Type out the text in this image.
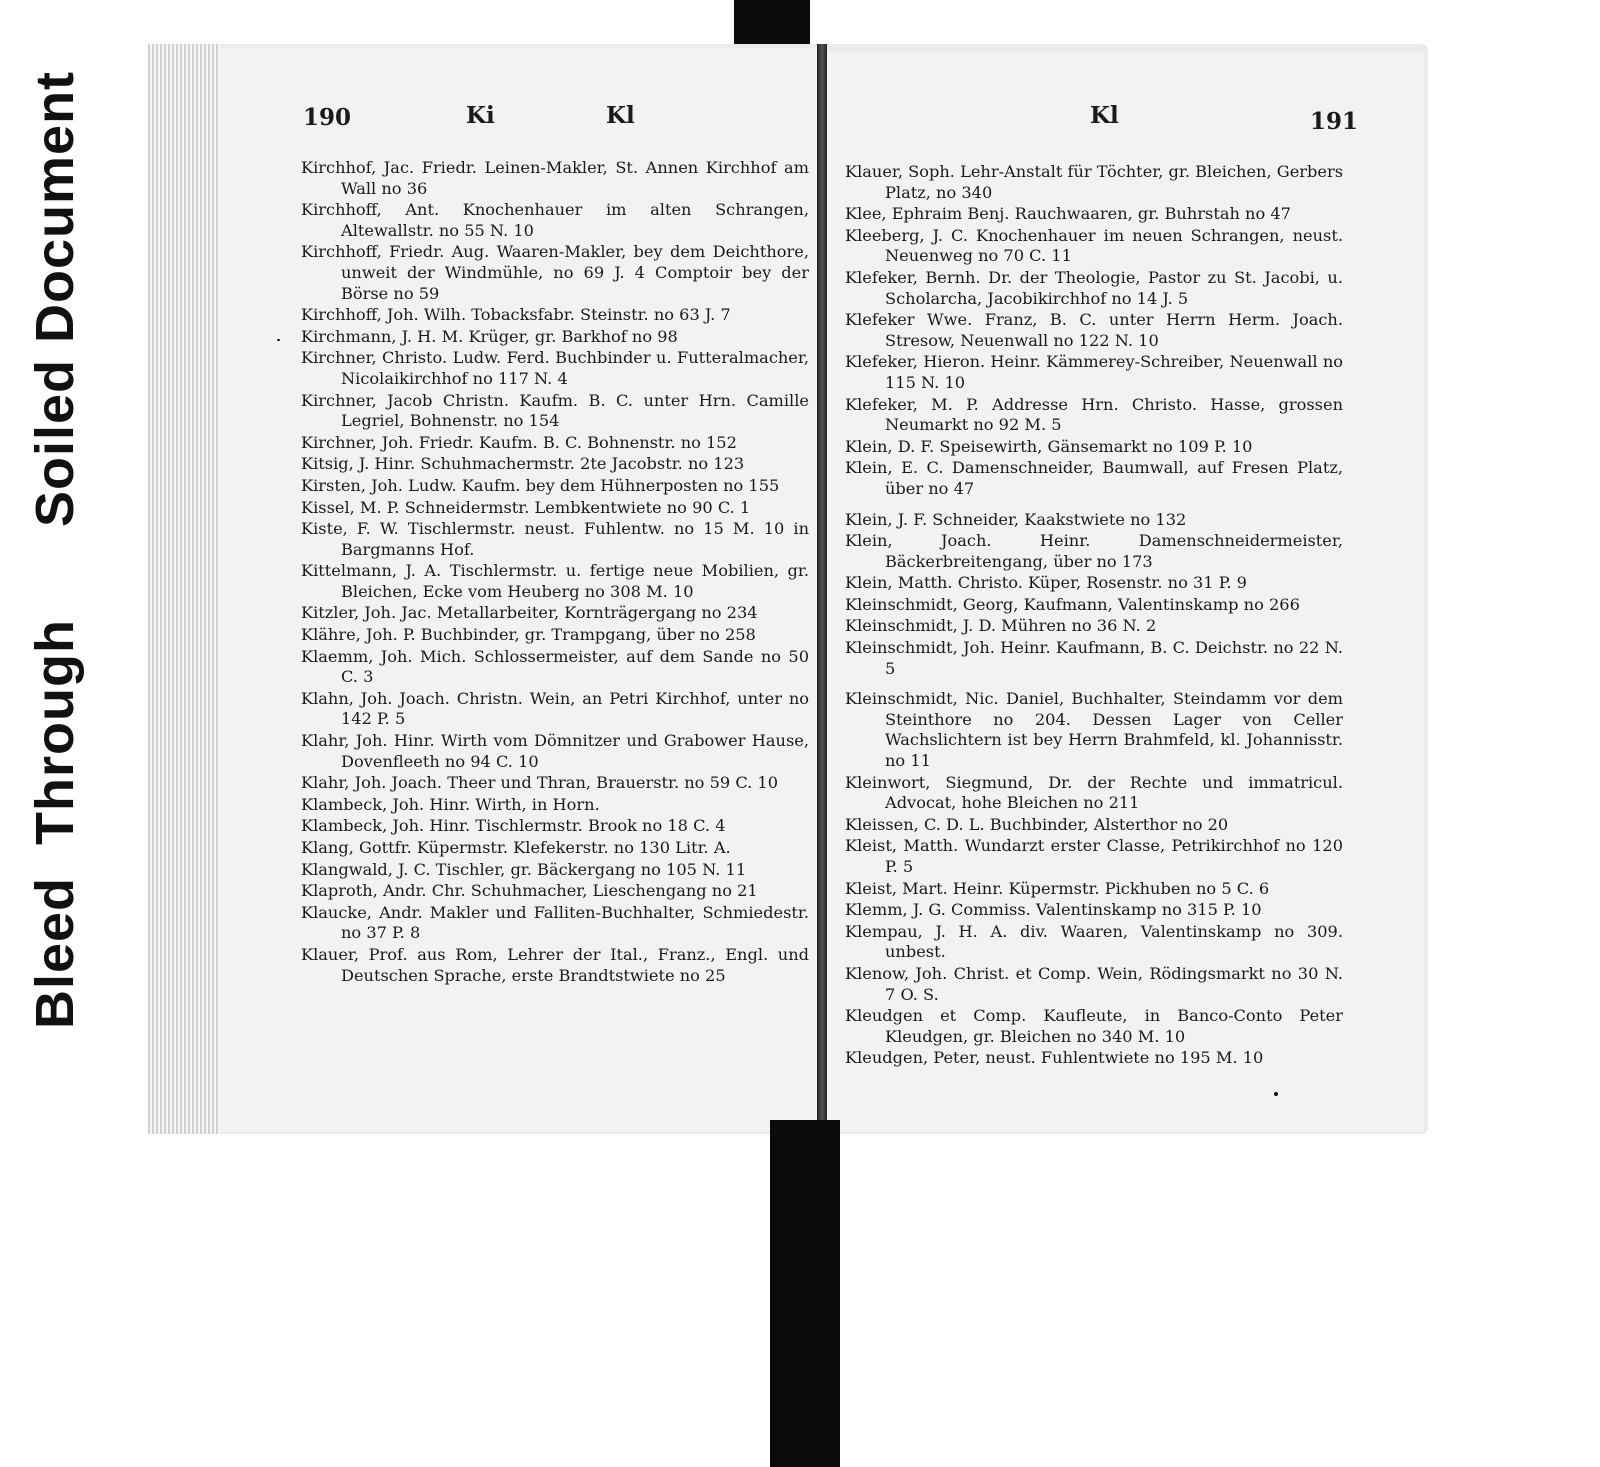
Bleed  Through  Soiled Document	190	Ki	Kl	Kl	191
Kirchhof, Jac. Friedr. Leinen-Makler, St. Annen Kirchhof am Wall no 36
Kirchhoff, Ant. Knochenhauer im alten Schrangen, Altewallstr. no 55 N. 10
Kirchhoff, Friedr. Aug. Waaren-Makler, bey dem Deichthore, unweit der Windmühle, no 69 J. 4 Comptoir bey der Börse no 59
Kirchhoff, Joh. Wilh. Tobacksfabr. Steinstr. no 63 J. 7
Kirchmann, J. H. M. Krüger, gr. Barkhof no 98
Kirchner, Christo. Ludw. Ferd. Buchbinder u. Futteralmacher, Nicolaikirchhof no 117 N. 4
Kirchner, Jacob Christn. Kaufm. B. C. unter Hrn. Camille Legriel, Bohnenstr. no 154
Kirchner, Joh. Friedr. Kaufm. B. C. Bohnenstr. no 152
Kitsig, J. Hinr. Schuhmachermstr. 2te Jacobstr. no 123
Kirsten, Joh. Ludw. Kaufm. bey dem Hühnerposten no 155
Kissel, M. P. Schneidermstr. Lembkentwiete no 90 C. 1
Kiste, F. W. Tischlermstr. neust. Fuhlentw. no 15 M. 10 in Bargmanns Hof.
Kittelmann, J. A. Tischlermstr. u. fertige neue Mobilien, gr. Bleichen, Ecke vom Heuberg no 308 M. 10
Kitzler, Joh. Jac. Metallarbeiter, Kornträgergang no 234
Klähre, Joh. P. Buchbinder, gr. Trampgang, über no 258
Klaemm, Joh. Mich. Schlossermeister, auf dem Sande no 50 C. 3
Klahn, Joh. Joach. Christn. Wein, an Petri Kirchhof, unter no 142 P. 5
Klahr, Joh. Hinr. Wirth vom Dömnitzer und Grabower Hause, Dovenfleeth no 94 C. 10
Klahr, Joh. Joach. Theer und Thran, Brauerstr. no 59 C. 10
Klambeck, Joh. Hinr. Wirth, in Horn.
Klambeck, Joh. Hinr. Tischlermstr. Brook no 18 C. 4
Klang, Gottfr. Küpermstr. Klefekerstr. no 130 Litr. A.
Klangwald, J. C. Tischler, gr. Bäckergang no 105 N. 11
Klaproth, Andr. Chr. Schuhmacher, Lieschengang no 21
Klaucke, Andr. Makler und Falliten-Buchhalter, Schmiedestr. no 37 P. 8
Klauer, Prof. aus Rom, Lehrer der Ital., Franz., Engl. und Deutschen Sprache, erste Brandtstwiete no 25
Klauer, Soph. Lehr-Anstalt für Töchter, gr. Bleichen, Gerbers Platz, no 340
Klee, Ephraim Benj. Rauchwaaren, gr. Buhrstah no 47
Kleeberg, J. C. Knochenhauer im neuen Schrangen, neust. Neuenweg no 70 C. 11
Klefeker, Bernh. Dr. der Theologie, Pastor zu St. Jacobi, u. Scholarcha, Jacobikirchhof no 14 J. 5
Klefeker Wwe. Franz, B. C. unter Herrn Herm. Joach. Stresow, Neuenwall no 122 N. 10
Klefeker, Hieron. Heinr. Kämmerey-Schreiber, Neuenwall no 115 N. 10
Klefeker, M. P. Addresse Hrn. Christo. Hasse, grossen Neumarkt no 92 M. 5
Klein, D. F. Speisewirth, Gänsemarkt no 109 P. 10
Klein, E. C. Damenschneider, Baumwall, auf Fresen Platz, über no 47
Klein, J. F. Schneider, Kaakstwiete no 132
Klein, Joach. Heinr. Damenschneidermeister, Bäckerbreitengang, über no 173
Klein, Matth. Christo. Küper, Rosenstr. no 31 P. 9
Kleinschmidt, Georg, Kaufmann, Valentinskamp no 266
Kleinschmidt, J. D. Mühren no 36 N. 2
Kleinschmidt, Joh. Heinr. Kaufmann, B. C. Deichstr. no 22 N. 5
Kleinschmidt, Nic. Daniel, Buchhalter, Steindamm vor dem Steinthore no 204. Dessen Lager von Celler Wachslichtern ist bey Herrn Brahmfeld, kl. Johannisstr. no 11
Kleinwort, Siegmund, Dr. der Rechte und immatricul. Advocat, hohe Bleichen no 211
Kleissen, C. D. L. Buchbinder, Alsterthor no 20
Kleist, Matth. Wundarzt erster Classe, Petrikirchhof no 120 P. 5
Kleist, Mart. Heinr. Küpermstr. Pickhuben no 5 C. 6
Klemm, J. G. Commiss. Valentinskamp no 315 P. 10
Klempau, J. H. A. div. Waaren, Valentinskamp no 309. unbest.
Klenow, Joh. Christ. et Comp. Wein, Rödingsmarkt no 30 N. 7 O. S.
Kleudgen et Comp. Kaufleute, in Banco-Conto Peter Kleudgen, gr. Bleichen no 340 M. 10
Kleudgen, Peter, neust. Fuhlentwiete no 195 M. 10
